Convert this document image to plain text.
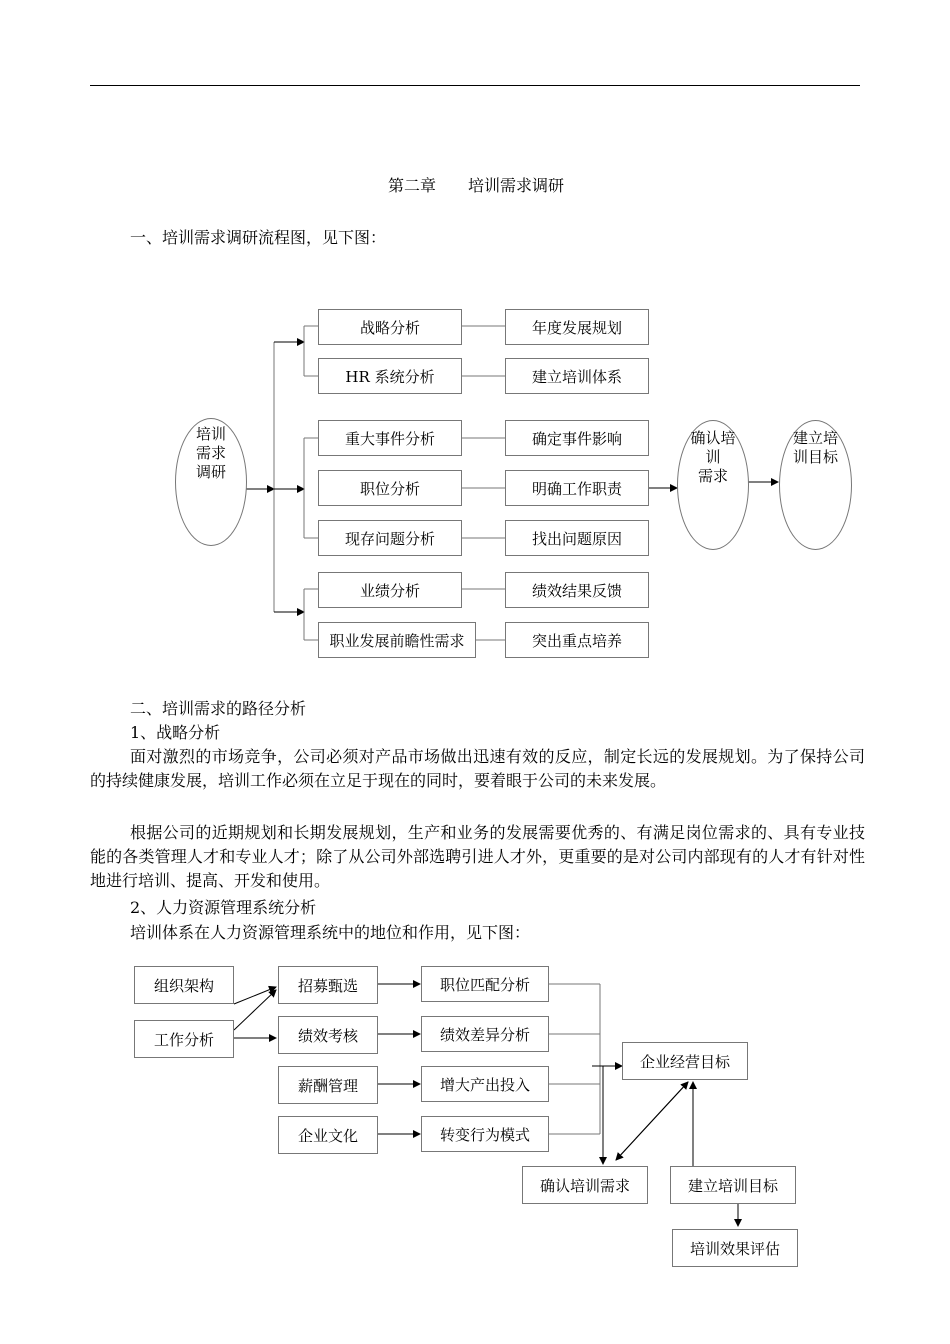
第二章　　培训需求调研
一、培训需求调研流程图，见下图：
培训
需求
调研
战略分析
HR 系统分析
年度发展规划
建立培训体系
重大事件分析
职位分析
现存问题分析
确定事件影响
明确工作职责
找出问题原因
业绩分析
职业发展前瞻性需求
绩效结果反馈
突出重点培养
确认培
训
需求
建立培
训目标
二、培训需求的路径分析
1、战略分析
面对激烈的市场竞争，公司必须对产品市场做出迅速有效的反应，制定长远的发展规划。为了保持公司的持续健康发展，培训工作必须在立足于现在的同时，要着眼于公司的未来发展。
根据公司的近期规划和长期发展规划，生产和业务的发展需要优秀的、有满足岗位需求的、具有专业技能的各类管理人才和专业人才；除了从公司外部选聘引进人才外，更重要的是对公司内部现有的人才有针对性地进行培训、提高、开发和使用。
2、人力资源管理系统分析
培训体系在人力资源管理系统中的地位和作用，见下图：
组织架构
工作分析
招募甄选
绩效考核
薪酬管理
企业文化
职位匹配分析
绩效差异分析
增大产出投入
转变行为模式
企业经营目标
确认培训需求	建立培训目标
培训效果评估
